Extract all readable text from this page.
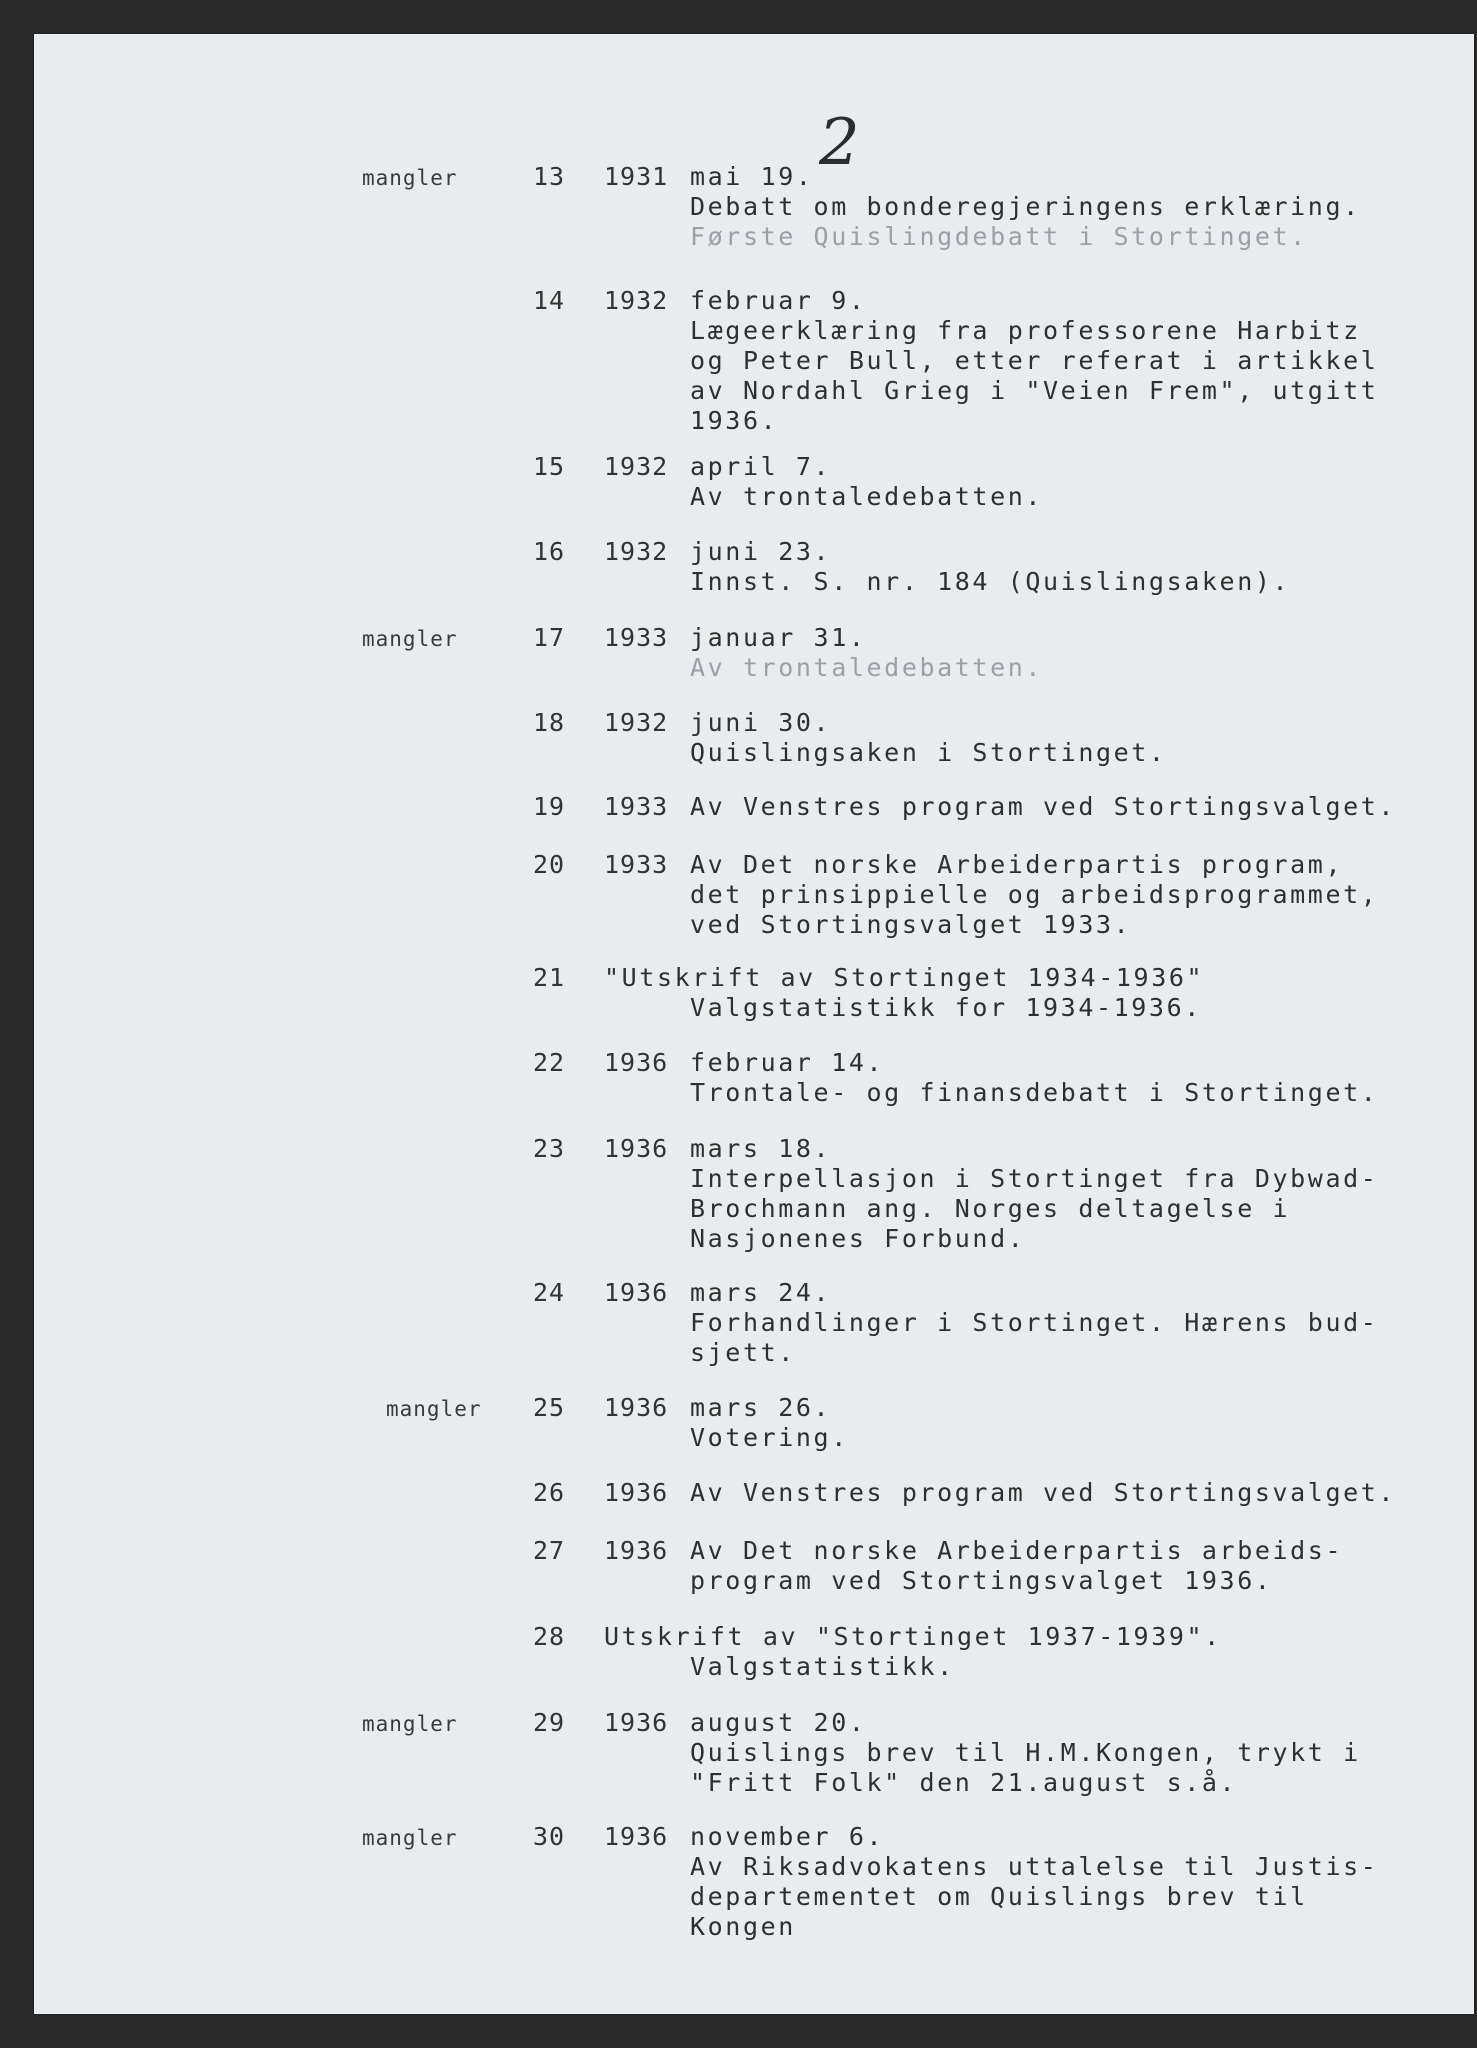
2
mangler	13	1931 mai 19.
Debatt om bonderegjeringens erklæring.
Første Quislingdebatt i Stortinget.
14	1932 februar 9.
Lægeerklæring fra professorene Harbitz
og Peter Bull, etter referat i artikkel
av Nordahl Grieg i "Veien Frem", utgitt
1936.
15	1932 april 7.
Av trontaledebatten.
16	1932 juni 23.
Innst. S. nr. 184 (Quislingsaken).
mangler	17	1933 januar 31.
Av trontaledebatten.
18	1932 juni 30.
Quislingsaken i Stortinget.
19	1933 Av Venstres program ved Stortingsvalget.
20	1933 Av Det norske Arbeiderpartis program,
det prinsippielle og arbeidsprogrammet,
ved Stortingsvalget 1933.
21	"Utskrift av Stortinget 1934-1936"
Valgstatistikk for 1934-1936.
22	1936 februar 14.
Trontale- og finansdebatt i Stortinget.
23	1936 mars 18.
Interpellasjon i Stortinget fra Dybwad-
Brochmann ang. Norges deltagelse i
Nasjonenes Forbund.
24	1936 mars 24.
Forhandlinger i Stortinget. Hærens bud-
sjett.
mangler	25	1936 mars 26.
Votering.
26	1936 Av Venstres program ved Stortingsvalget.
27	1936 Av Det norske Arbeiderpartis arbeids-
program ved Stortingsvalget 1936.
28	Utskrift av "Stortinget 1937-1939".
Valgstatistikk.
mangler	29	1936 august 20.
Quislings brev til H.M.Kongen, trykt i
"Fritt Folk" den 21.august s.å.
mangler	30	1936 november 6.
Av Riksadvokatens uttalelse til Justis-
departementet om Quislings brev til Kongen
